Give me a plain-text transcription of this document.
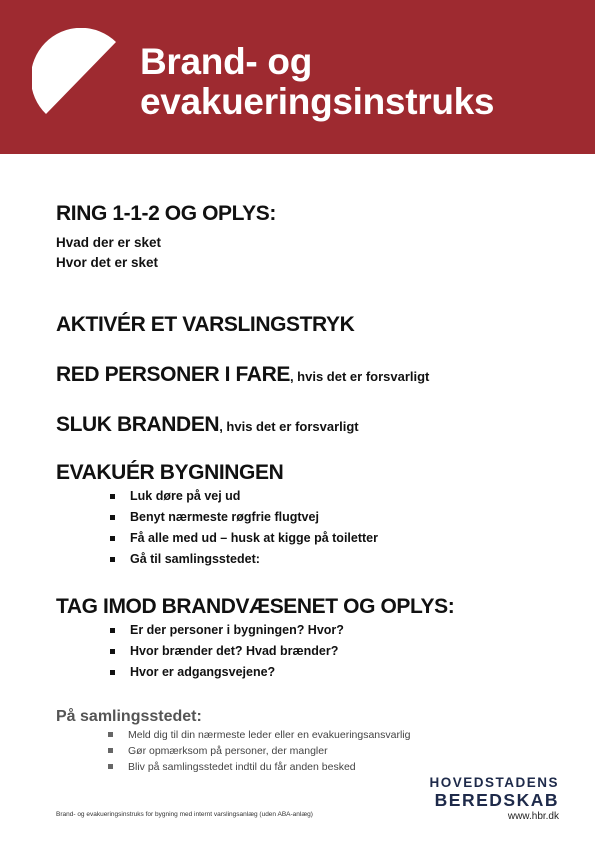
Brand- og
evakueringsinstruks
RING 1-1-2 OG OPLYS:
Hvad der er sket
Hvor det er sket
AKTIVÉR ET VARSLINGSTRYK
RED PERSONER I FARE, hvis det er forsvarligt
SLUK BRANDEN, hvis det er forsvarligt
EVAKUÉR BYGNINGEN
Luk døre på vej ud
Benyt nærmeste røgfrie flugtvej
Få alle med ud – husk at kigge på toiletter
Gå til samlingsstedet:
TAG IMOD BRANDVÆSENET OG OPLYS:
Er der personer i bygningen? Hvor?
Hvor brænder det? Hvad brænder?
Hvor er adgangsvejene?
På samlingsstedet:
Meld dig til din nærmeste leder eller en evakueringsansvarlig
Gør opmærksom på personer, der mangler
Bliv på samlingsstedet indtil du får anden besked
Brand- og evakueringsinstruks for bygning med internt varslingsanlæg (uden ABA-anlæg)
HOVEDSTADENS
BEREDSKAB
www.hbr.dk
